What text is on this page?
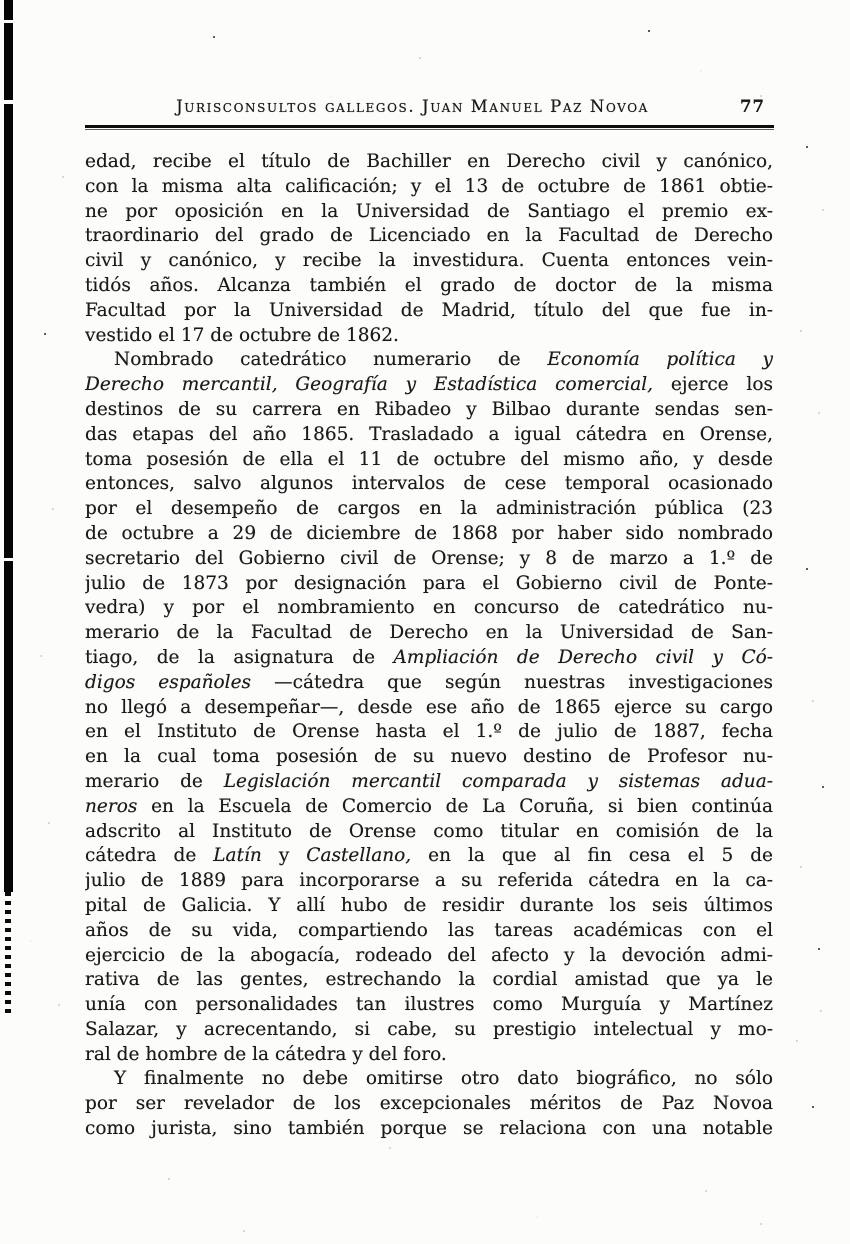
Jurisconsultos gallegos. Juan Manuel Paz Novoa	77
edad, recibe el título de Bachiller en Derecho civil y canónico,
con la misma alta calificación; y el 13 de octubre de 1861 obtie-
ne por oposición en la Universidad de Santiago el premio ex-
traordinario del grado de Licenciado en la Facultad de Derecho
civil y canónico, y recibe la investidura. Cuenta entonces vein-
tidós años. Alcanza también el grado de doctor de la misma
Facultad por la Universidad de Madrid, título del que fue in-
vestido el 17 de octubre de 1862.
Nombrado catedrático numerario de Economía política y
Derecho mercantil, Geografía y Estadística comercial, ejerce los
destinos de su carrera en Ribadeo y Bilbao durante sendas sen-
das etapas del año 1865. Trasladado a igual cátedra en Orense,
toma posesión de ella el 11 de octubre del mismo año, y desde
entonces, salvo algunos intervalos de cese temporal ocasionado
por el desempeño de cargos en la administración pública (23
de octubre a 29 de diciembre de 1868 por haber sido nombrado
secretario del Gobierno civil de Orense; y 8 de marzo a 1.º de
julio de 1873 por designación para el Gobierno civil de Ponte-
vedra) y por el nombramiento en concurso de catedrático nu-
merario de la Facultad de Derecho en la Universidad de San-
tiago, de la asignatura de Ampliación de Derecho civil y Có-
digos españoles —cátedra que según nuestras investigaciones
no llegó a desempeñar—, desde ese año de 1865 ejerce su cargo
en el Instituto de Orense hasta el 1.º de julio de 1887, fecha
en la cual toma posesión de su nuevo destino de Profesor nu-
merario de Legislación mercantil comparada y sistemas adua-
neros en la Escuela de Comercio de La Coruña, si bien continúa
adscrito al Instituto de Orense como titular en comisión de la
cátedra de Latín y Castellano, en la que al fin cesa el 5 de
julio de 1889 para incorporarse a su referida cátedra en la ca-
pital de Galicia. Y allí hubo de residir durante los seis últimos
años de su vida, compartiendo las tareas académicas con el
ejercicio de la abogacía, rodeado del afecto y la devoción admi-
rativa de las gentes, estrechando la cordial amistad que ya le
unía con personalidades tan ilustres como Murguía y Martínez
Salazar, y acrecentando, si cabe, su prestigio intelectual y mo-
ral de hombre de la cátedra y del foro.
Y finalmente no debe omitirse otro dato biográfico, no sólo
por ser revelador de los excepcionales méritos de Paz Novoa
como jurista, sino también porque se relaciona con una notable
